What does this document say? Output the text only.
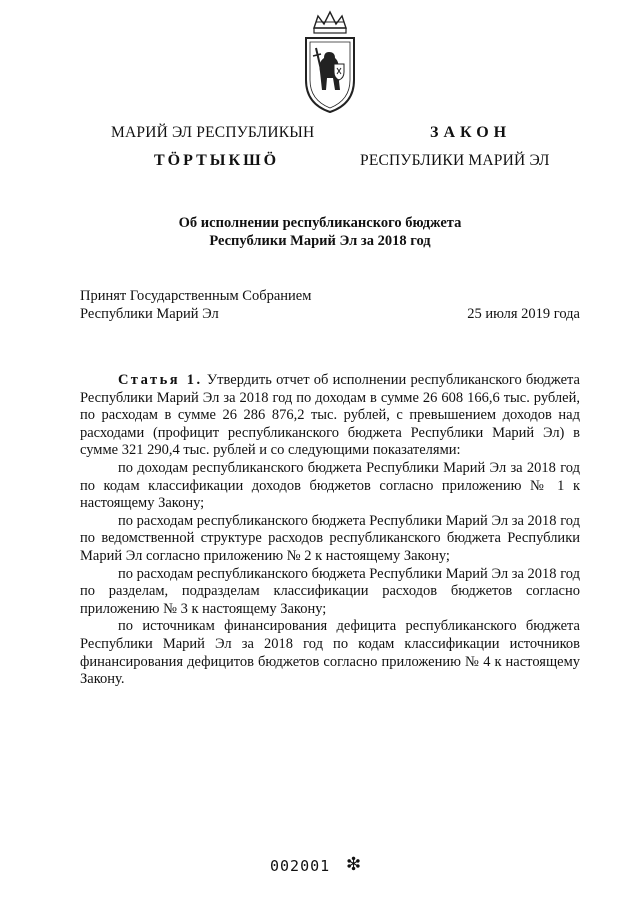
МАРИЙ ЭЛ РЕСПУБЛИКЫН
ТӦРТЫКШӦ
ЗАКОН
РЕСПУБЛИКИ МАРИЙ ЭЛ
Об исполнении республиканского бюджета
Республики Марий Эл за 2018 год
Принят Государственным Собранием
Республики Марий Эл	25 июля 2019 года

Статья 1. Утвердить отчет об исполнении республиканского бюджета Республики Марий Эл за 2018 год по доходам в сумме 26 608 166,6 тыс. рублей, по расходам в сумме 26 286 876,2 тыс. рублей, с превышением доходов над расходами (профицит республиканского бюджета Республики Марий Эл) в сумме 321 290,4 тыс. рублей и со следующими показателями:

по доходам республиканского бюджета Республики Марий Эл за 2018 год по кодам классификации доходов бюджетов согласно приложению № 1 к настоящему Закону;

по расходам республиканского бюджета Республики Марий Эл за 2018 год по ведомственной структуре расходов республиканского бюджета Республики Марий Эл согласно приложению № 2 к настоящему Закону;

по расходам республиканского бюджета Республики Марий Эл за 2018 год по разделам, подразделам классификации расходов бюджетов согласно приложению № 3 к настоящему Закону;

по источникам финансирования дефицита республиканского бюджета Республики Марий Эл за 2018 год по кодам классификации источников финансирования дефицитов бюджетов согласно приложению № 4 к настоящему Закону.

002001 ❇
